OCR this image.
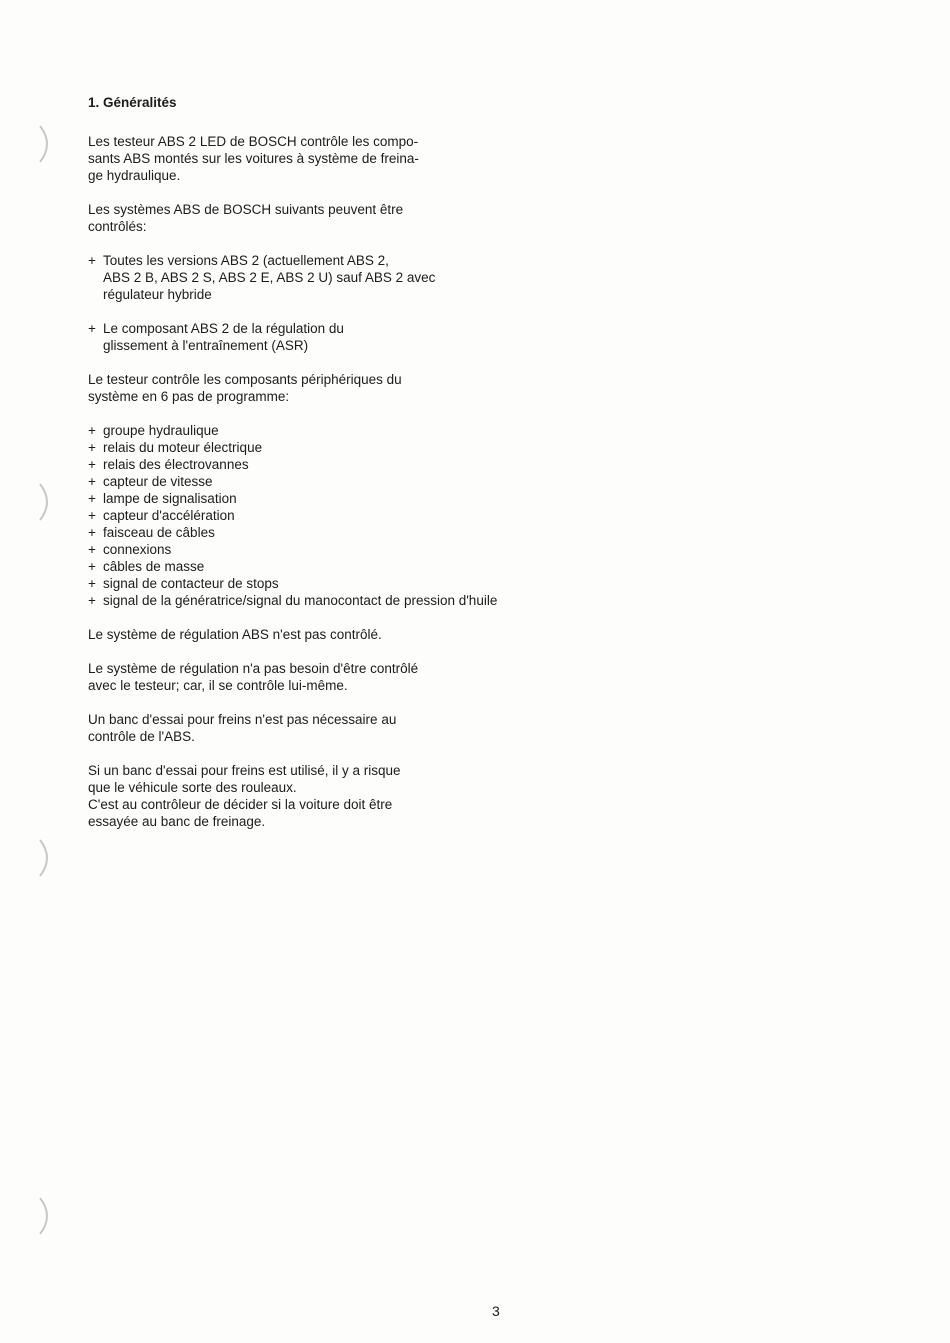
1. Généralités

Les testeur ABS 2 LED de BOSCH contrôle les compo-
sants ABS montés sur les voitures à système de freina-
ge hydraulique.

Les systèmes ABS de BOSCH suivants peuvent être
contrôlés:

+ Toutes les versions ABS 2 (actuellement ABS 2,
ABS 2 B, ABS 2 S, ABS 2 E, ABS 2 U) sauf ABS 2 avec
régulateur hybride
+ Le composant ABS 2 de la régulation du
glissement à l'entraînement (ASR)

Le testeur contrôle les composants périphériques du
système en 6 pas de programme:

+ groupe hydraulique
+ relais du moteur électrique
+ relais des électrovannes
+ capteur de vitesse
+ lampe de signalisation
+ capteur d'accélération
+ faisceau de câbles
+ connexions
+ câbles de masse
+ signal de contacteur de stops
+ signal de la génératrice/signal du manocontact de pression d'huile

Le système de régulation ABS n'est pas contrôlé.

Le système de régulation n'a pas besoin d'être contrôlé
avec le testeur; car, il se contrôle lui-même.

Un banc d'essai pour freins n'est pas nécessaire au
contrôle de l'ABS.

Si un banc d'essai pour freins est utilisé, il y a risque
que le véhicule sorte des rouleaux.
C'est au contrôleur de décider si la voiture doit être
essayée au banc de freinage.

3
